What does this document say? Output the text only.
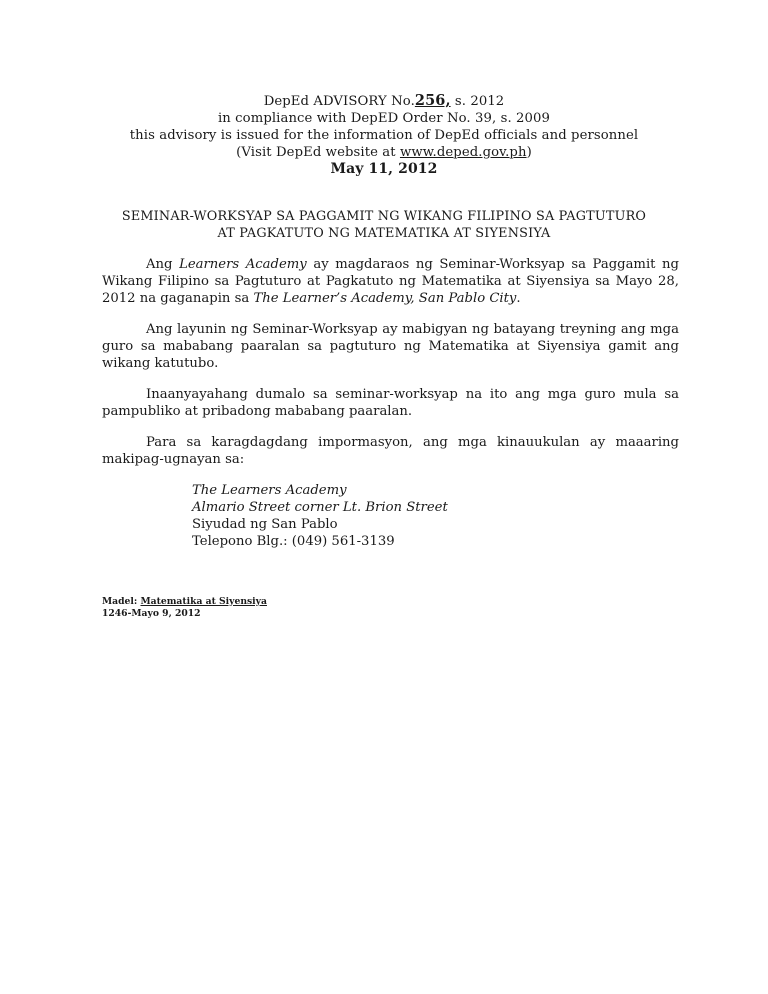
DepEd ADVISORY No.256, s. 2012
in compliance with DepED Order No. 39, s. 2009
this advisory is issued for the information of DepEd officials and personnel
(Visit DepEd website at www.deped.gov.ph)
May 11, 2012
SEMINAR-WORKSYAP SA PAGGAMIT NG WIKANG FILIPINO SA PAGTUTURO
AT PAGKATUTO NG MATEMATIKA AT SIYENSIYA

Ang Learners Academy ay magdaraos ng Seminar-Worksyap sa Paggamit ng Wikang Filipino sa Pagtuturo at Pagkatuto ng Matematika at Siyensiya sa Mayo 28, 2012 na gaganapin sa The Learner’s Academy, San Pablo City.

Ang layunin ng Seminar-Worksyap ay mabigyan ng batayang treyning ang mga guro sa mababang paaralan sa pagtuturo ng Matematika at Siyensiya gamit ang wikang katutubo.

Inaanyayahang dumalo sa seminar-worksyap na ito ang mga guro mula sa pampubliko at pribadong mababang paaralan.

Para sa karagdagdang impormasyon, ang mga kinauukulan ay maaaring makipag-ugnayan sa:

The Learners Academy
Almario Street corner Lt. Brion Street
Siyudad ng San Pablo
Telepono Blg.: (049) 561-3139
Madel: Matematika at Siyensiya
1246-Mayo 9, 2012
